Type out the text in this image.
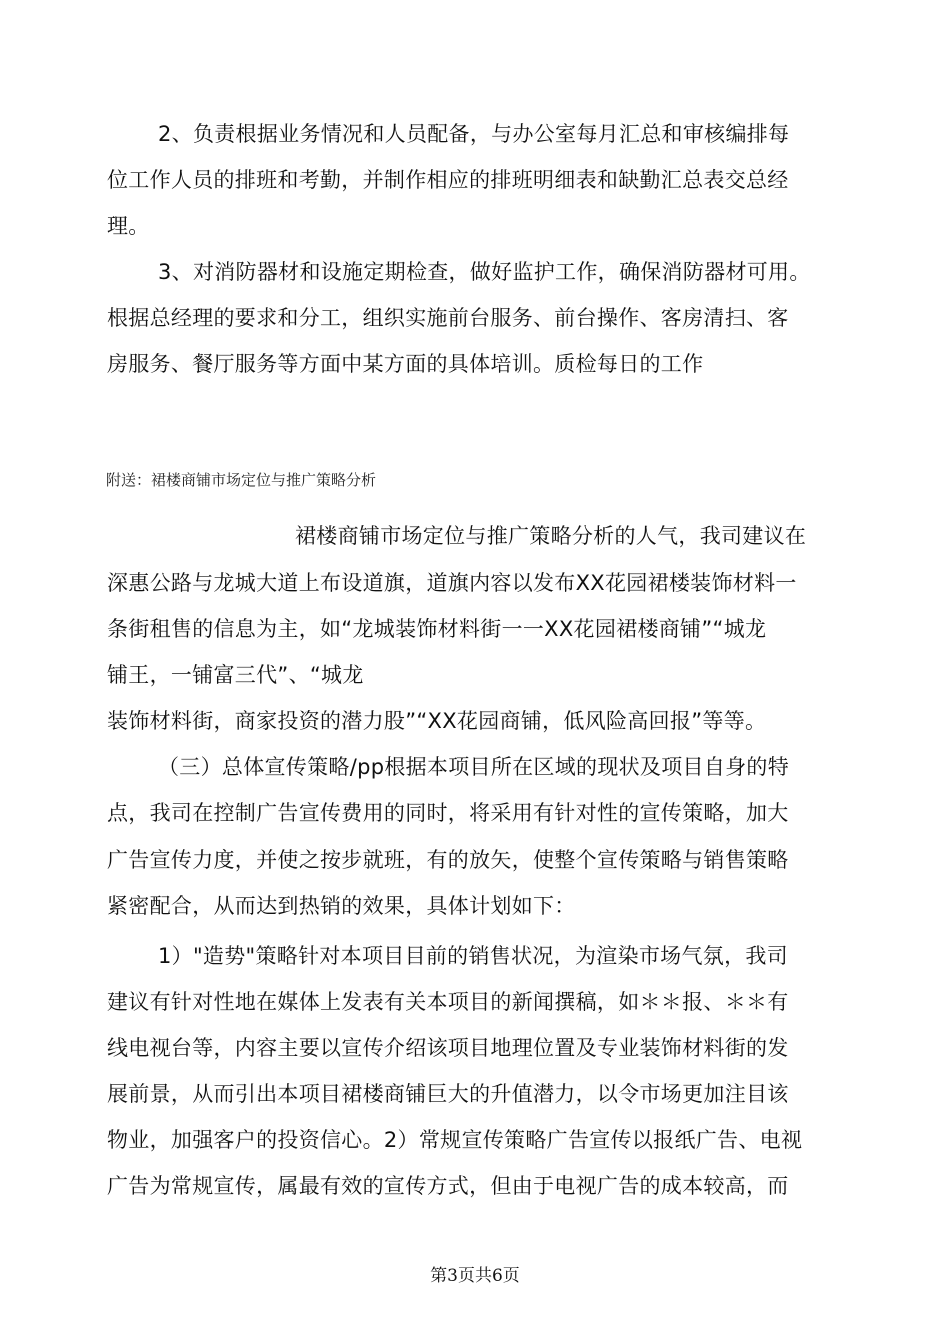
2、负责根据业务情况和人员配备，与办公室每月汇总和审核编排每
位工作人员的排班和考勤，并制作相应的排班明细表和缺勤汇总表交总经
理。
3、对消防器材和设施定期检查，做好监护工作，确保消防器材可用。
根据总经理的要求和分工，组织实施前台服务、前台操作、客房清扫、客
房服务、餐厅服务等方面中某方面的具体培训。质检每日的工作
附送：裙楼商铺市场定位与推广策略分析
裙楼商铺市场定位与推广策略分析的人气，我司建议在
深惠公路与龙城大道上布设道旗，道旗内容以发布XX花园裙楼装饰材料一
条街租售的信息为主，如“龙城装饰材料街一一XX花园裙楼商铺”“城龙
铺王，一铺富三代”、“城龙
装饰材料街，商家投资的潜力股”“XX花园商铺，低风险高回报”等等。
（三）总体宣传策略/pp根据本项目所在区域的现状及项目自身的特
点，我司在控制广告宣传费用的同时，将采用有针对性的宣传策略，加大
广告宣传力度，并使之按步就班，有的放矢，使整个宣传策略与销售策略
紧密配合，从而达到热销的效果，具体计划如下：
1）"造势"策略针对本项目目前的销售状况，为渲染市场气氛，我司
建议有针对性地在媒体上发表有关本项目的新闻撰稿，如＊＊报、＊＊有
线电视台等，内容主要以宣传介绍该项目地理位置及专业装饰材料街的发
展前景，从而引出本项目裙楼商铺巨大的升值潜力，以令市场更加注目该
物业，加强客户的投资信心。2）常规宣传策略广告宣传以报纸广告、电视
广告为常规宣传，属最有效的宣传方式，但由于电视广告的成本较高，而
第3页共6页
